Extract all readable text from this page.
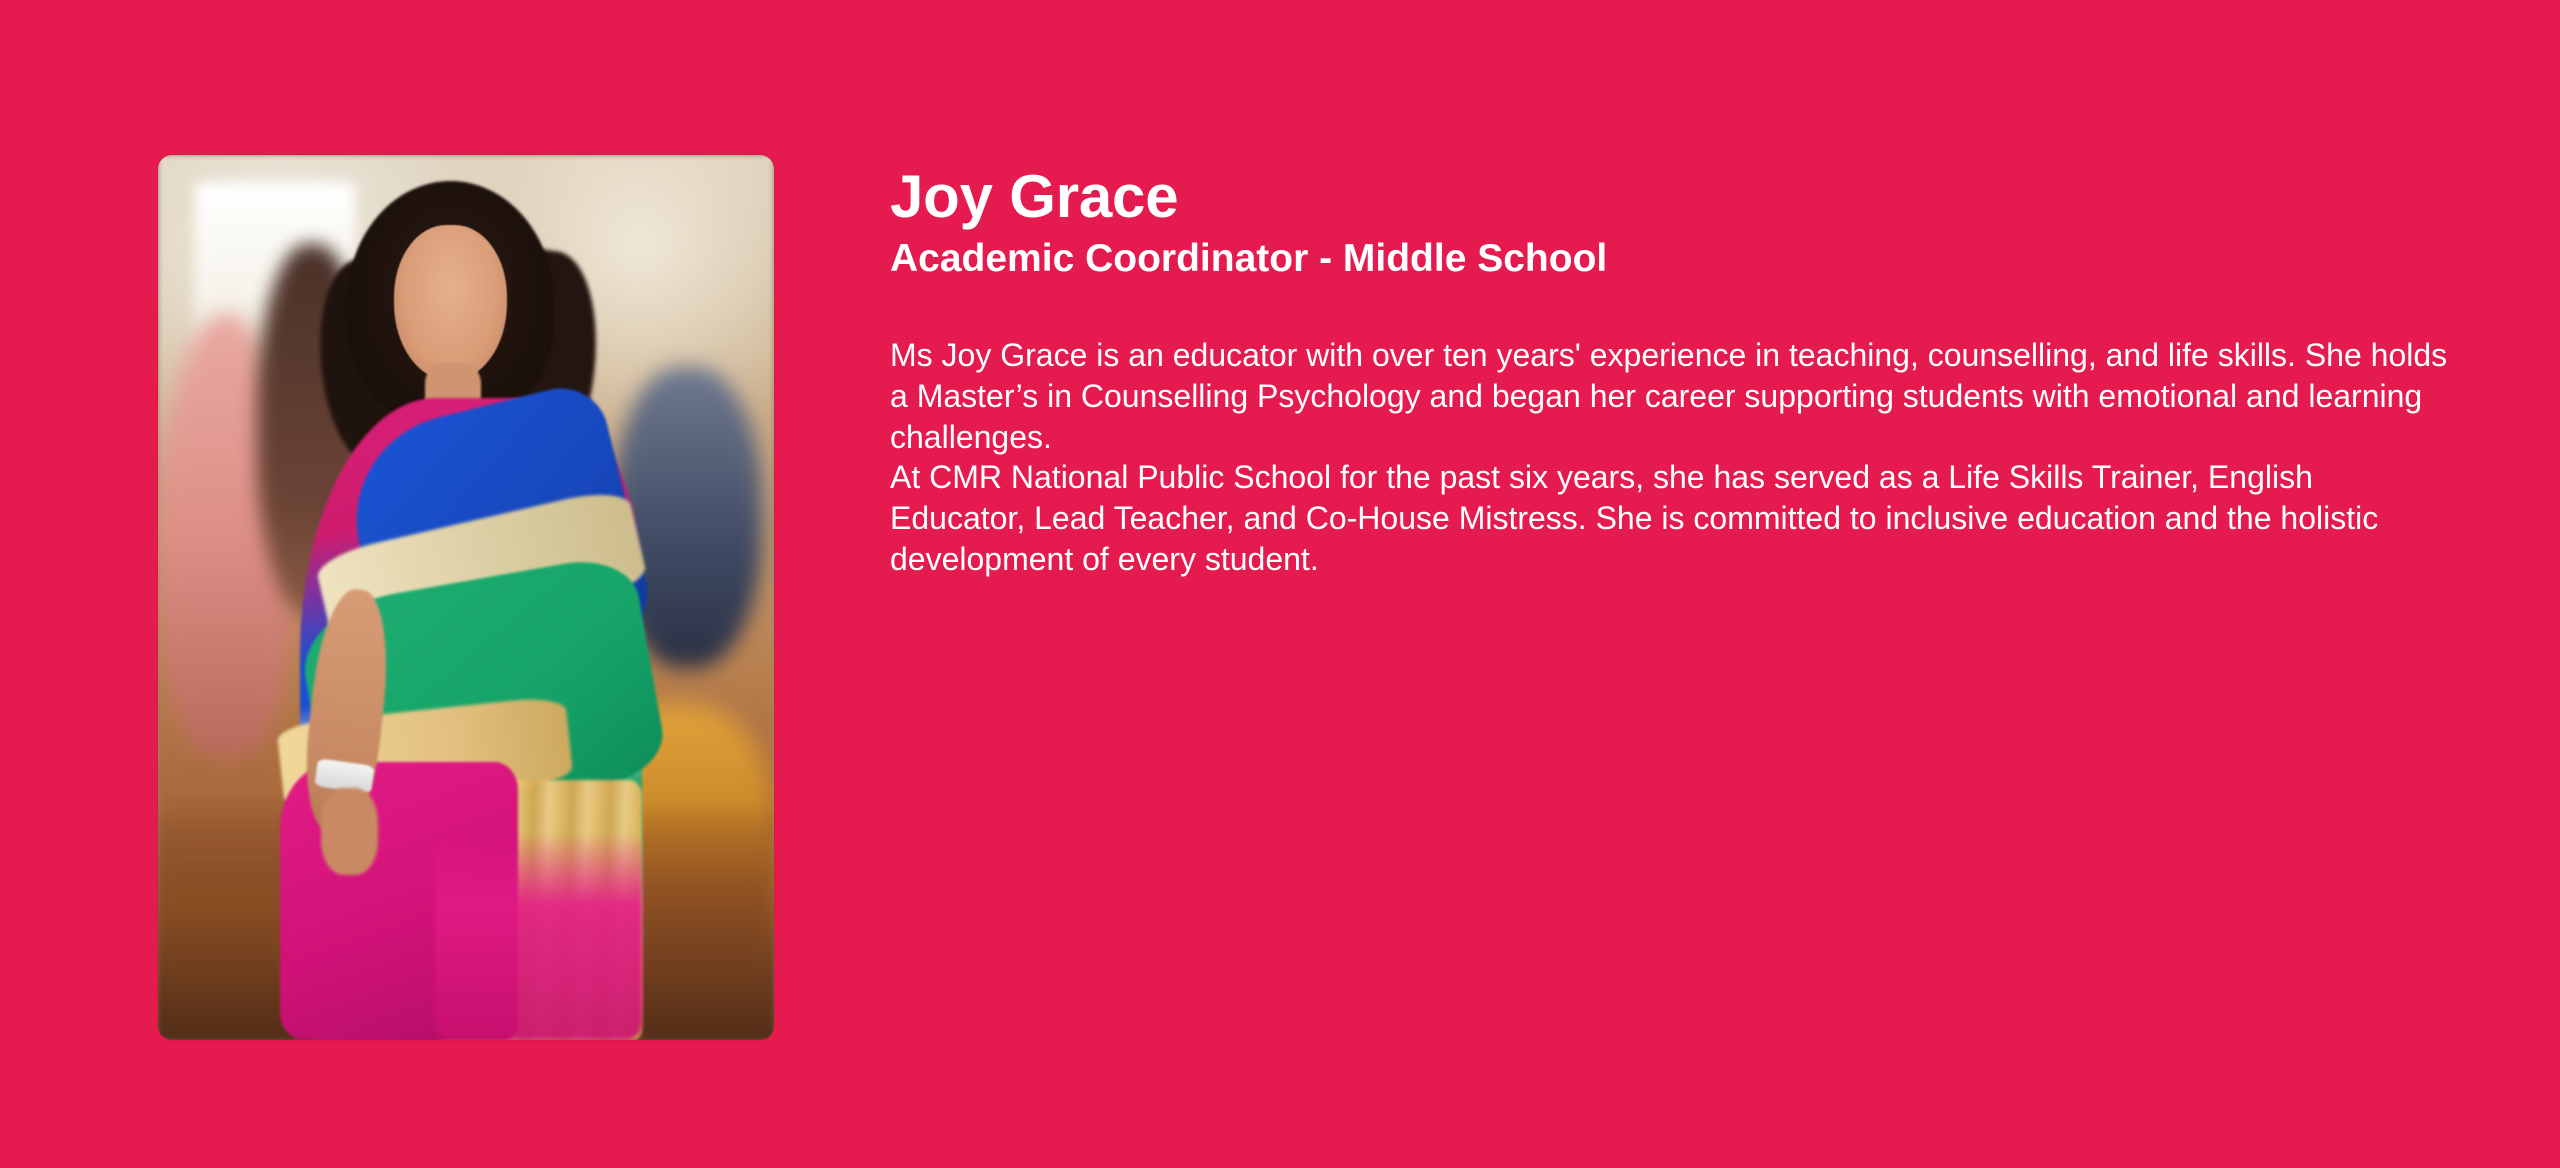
Joy Grace
Academic Coordinator - Middle School

Ms Joy Grace is an educator with over ten years' experience in teaching, counselling, and life skills. She holds a Master’s in Counselling Psychology and began her career supporting students with emotional and learning challenges.

At CMR National Public School for the past six years, she has served as a Life Skills Trainer, English Educator, Lead Teacher, and Co-House Mistress. She is committed to inclusive education and the holistic development of every student.
